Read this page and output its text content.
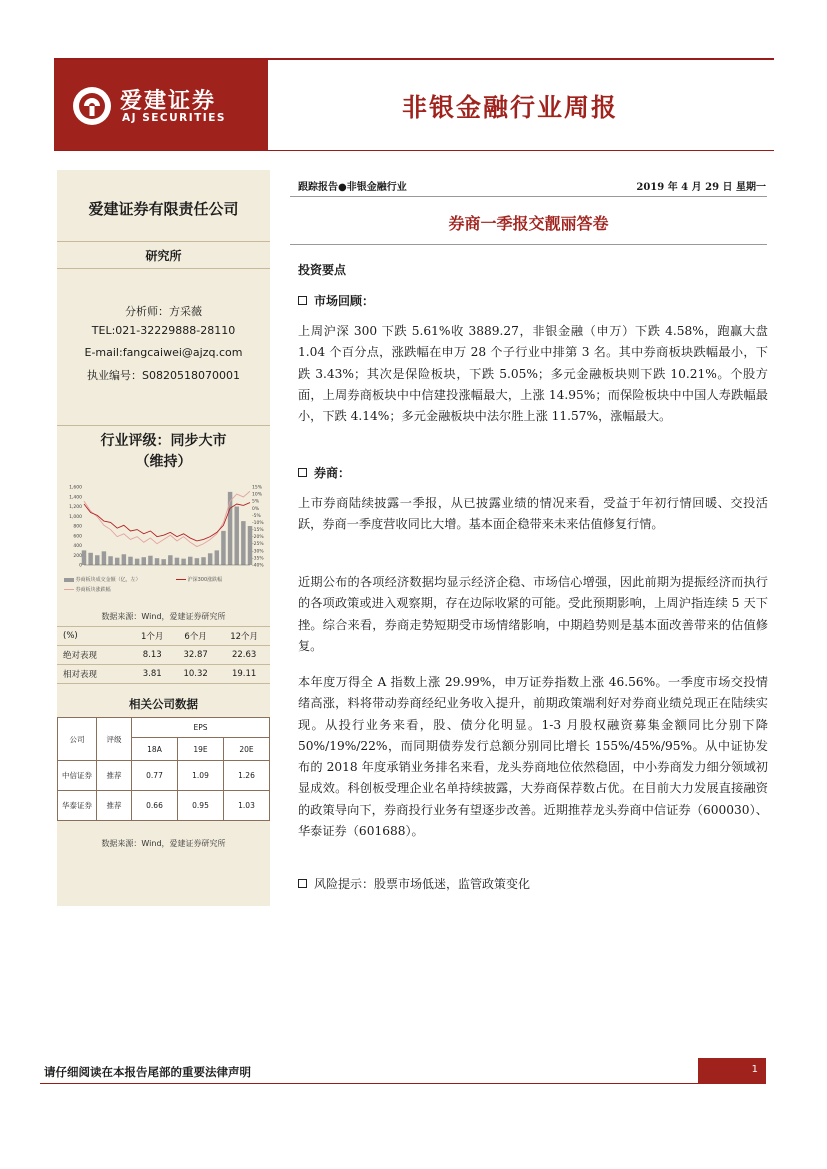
爱建证券
AJ SECURITIES	非银金融行业周报
爱建证券有限责任公司
研究所
分析师：方采薇
TEL:021-32229888-28110
E-mail:fangcaiwei@ajzq.com
执业编号：S0820518070001
行业评级：同步大市
（维持）
1,600
1,400
1,200
1,000
800
600
400
200
0
15%
10%
5%
0%
-5%
-10%
-15%
-20%
-25%
-30%
-35%
-40%
券商板块成交金额（亿，左）	沪深300涨跌幅
券商板块涨跌幅
数据来源：Wind，爱建证券研究所
(%)	1个月	6个月	12个月
绝对表现	8.13	32.87	22.63
相对表现	3.81	10.32	19.11
相关公司数据
公司	评级	EPS		
		18A	19E	20E
中信证券	推荐	0.77	1.09	1.26
华泰证券	推荐	0.66	0.95	1.03
数据来源：Wind，爱建证券研究所
跟踪报告●非银金融行业	2019 年 4 月 29 日 星期一
券商一季报交靓丽答卷
投资要点
市场回顾：
上周沪深 300 下跌 5.61%收 3889.27，非银金融（申万）下跌 4.58%，跑赢大盘 1.04 个百分点，涨跌幅在申万 28 个子行业中排第 3 名。其中券商板块跌幅最小，下跌 3.43%；其次是保险板块，下跌 5.05%；多元金融板块则下跌 10.21%。个股方面，上周券商板块中中信建投涨幅最大，上涨 14.95%；而保险板块中中国人寿跌幅最小，下跌 4.14%；多元金融板块中法尔胜上涨 11.57%，涨幅最大。
券商：
上市券商陆续披露一季报，从已披露业绩的情况来看，受益于年初行情回暖、交投活跃，券商一季度营收同比大增。基本面企稳带来未来估值修复行情。
近期公布的各项经济数据均显示经济企稳、市场信心增强，因此前期为提振经济而执行的各项政策或进入观察期，存在边际收紧的可能。受此预期影响，上周沪指连续 5 天下挫。综合来看，券商走势短期受市场情绪影响，中期趋势则是基本面改善带来的估值修复。
本年度万得全 A 指数上涨 29.99%，申万证券指数上涨 46.56%。一季度市场交投情绪高涨，料将带动券商经纪业务收入提升，前期政策端利好对券商业绩兑现正在陆续实现。从投行业务来看，股、债分化明显。1-3 月股权融资募集金额同比分别下降 50%/19%/22%，而同期债券发行总额分别同比增长 155%/45%/95%。从中证协发布的 2018 年度承销业务排名来看，龙头券商地位依然稳固，中小券商发力细分领域初显成效。科创板受理企业名单持续披露，大券商保荐数占优。在目前大力发展直接融资的政策导向下，券商投行业务有望逐步改善。近期推荐龙头券商中信证券（600030）、华泰证券（601688）。
风险提示：股票市场低迷，监管政策变化
请仔细阅读在本报告尾部的重要法律声明	1
